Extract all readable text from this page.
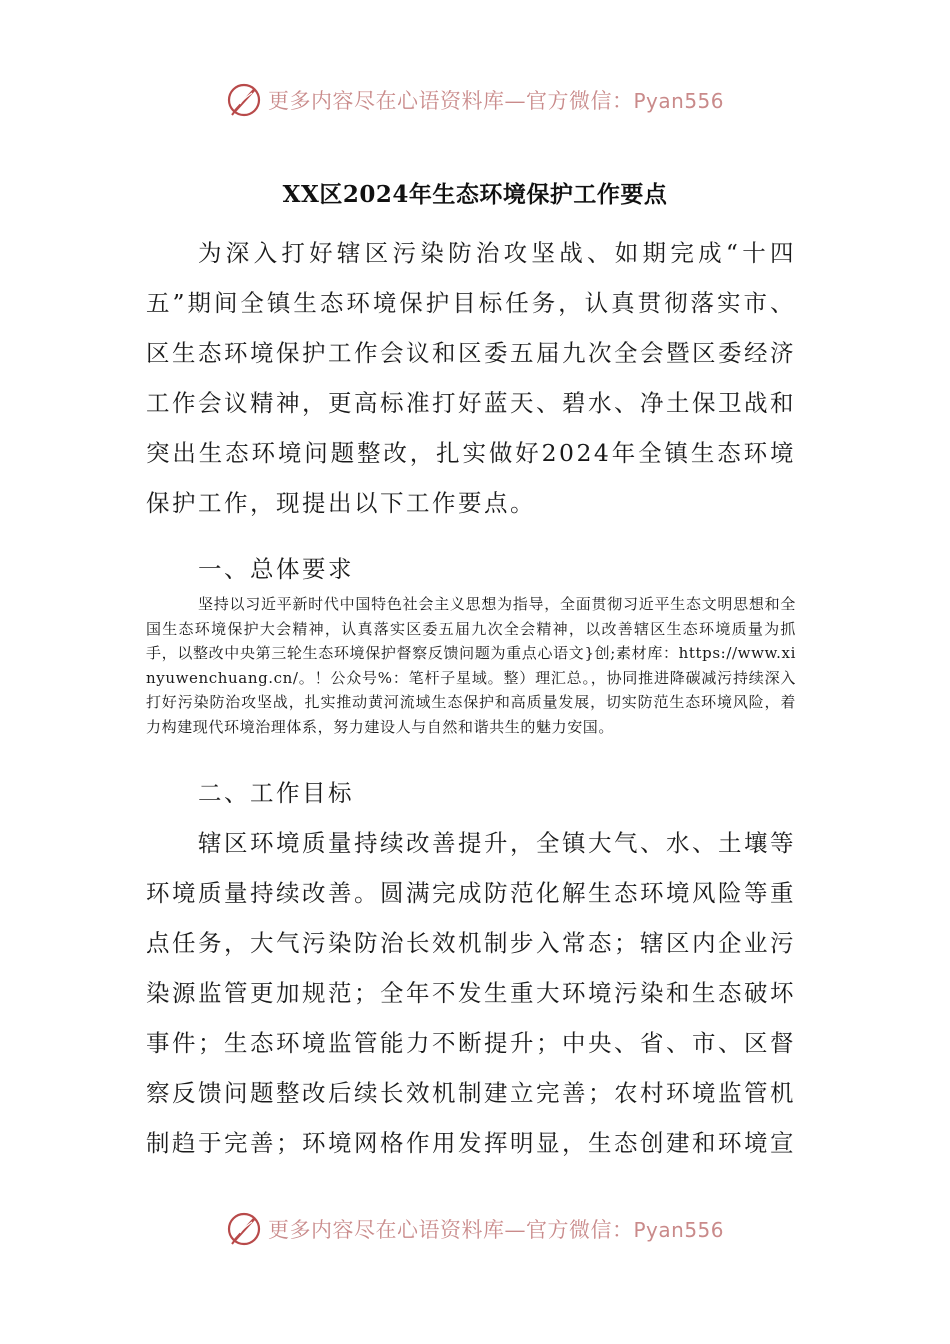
更多内容尽在心语资料库—官方微信：Pyan556
XX区2024年生态环境保护工作要点

为深入打好辖区污染防治攻坚战、如期完成“十四五”期间全镇生态环境保护目标任务，认真贯彻落实市、区生态环境保护工作会议和区委五届九次全会暨区委经济工作会议精神，更高标准打好蓝天、碧水、净土保卫战和突出生态环境问题整改，扎实做好2024年全镇生态环境保护工作，现提出以下工作要点。

一、总体要求

坚持以习近平新时代中国特色社会主义思想为指导，全面贯彻习近平生态文明思想和全国生态环境保护大会精神，认真落实区委五届九次全会精神，以改善辖区生态环境质量为抓手，以整改中央第三轮生态环境保护督察反馈问题为重点心语文}创;素材库：https://www.xinyuwenchuang.cn/。！公众号%：笔杆子星域。整）理汇总。，协同推进降碳减污持续深入打好污染防治攻坚战，扎实推动黄河流域生态保护和高质量发展，切实防范生态环境风险，着力构建现代环境治理体系，努力建设人与自然和谐共生的魅力安国。

二、工作目标

辖区环境质量持续改善提升，全镇大气、水、土壤等环境质量持续改善。圆满完成防范化解生态环境风险等重点任务，大气污染防治长效机制步入常态；辖区内企业污染源监管更加规范；全年不发生重大环境污染和生态破坏事件；生态环境监管能力不断提升；中央、省、市、区督察反馈问题整改后续长效机制建立完善；农村环境监管机制趋于完善；环境网格作用发挥明显，生态创建和环境宣

更多内容尽在心语资料库—官方微信：Pyan556
